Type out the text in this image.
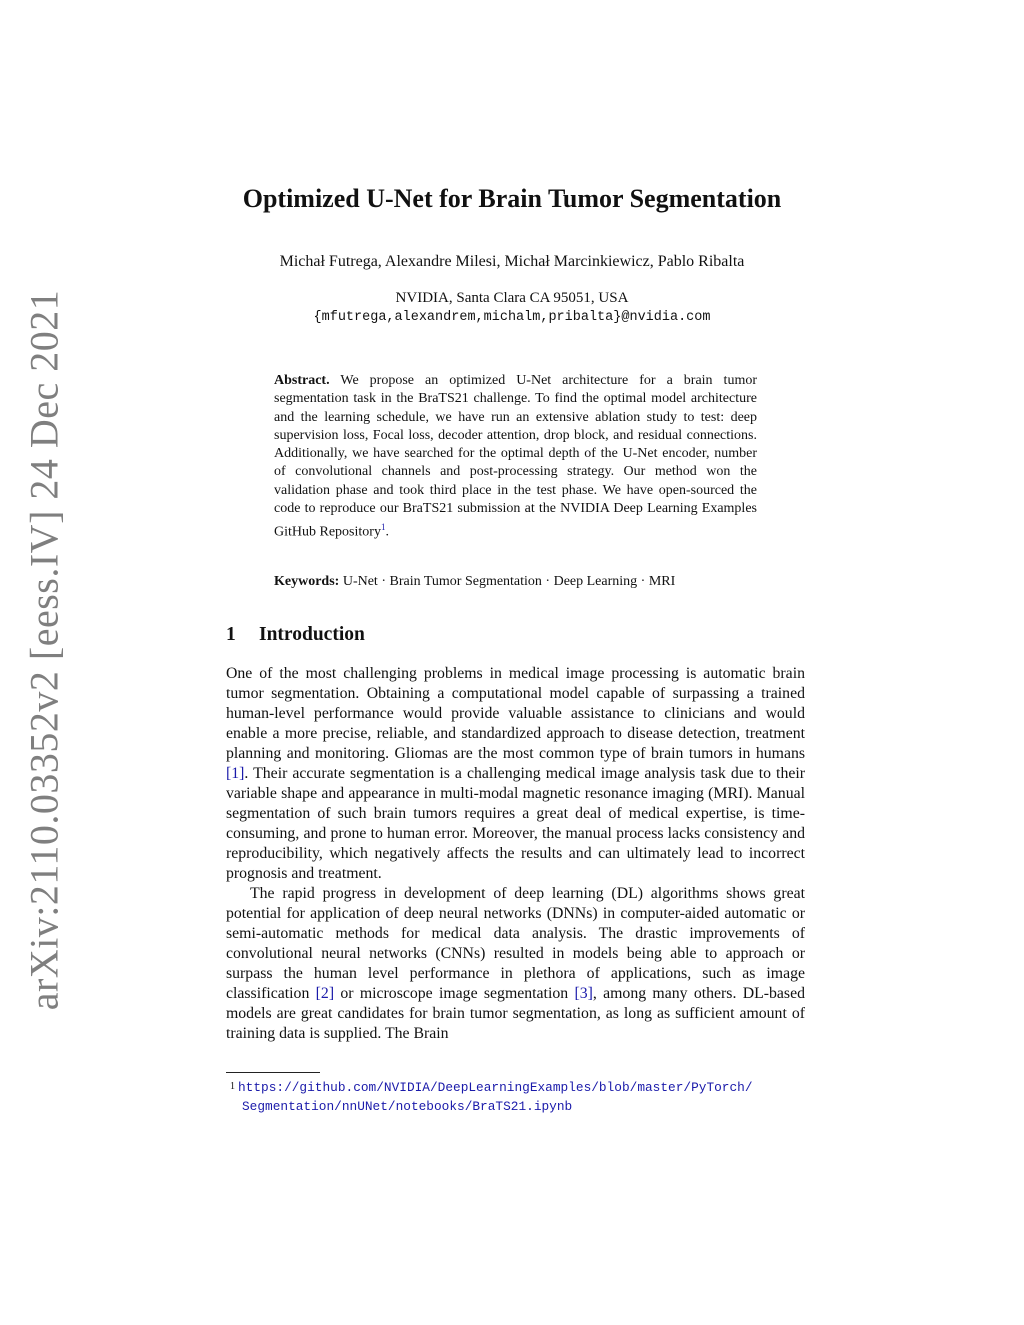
arXiv:2110.03352v2 [eess.IV] 24 Dec 2021
Optimized U-Net for Brain Tumor Segmentation
Michał Futrega, Alexandre Milesi, Michał Marcinkiewicz, Pablo Ribalta
NVIDIA, Santa Clara CA 95051, USA
{mfutrega,alexandrem,michalm,pribalta}@nvidia.com
Abstract. We propose an optimized U-Net architecture for a brain tumor segmentation task in the BraTS21 challenge. To find the optimal model architecture and the learning schedule, we have run an extensive ablation study to test: deep supervision loss, Focal loss, decoder attention, drop block, and residual connections. Additionally, we have searched for the optimal depth of the U-Net encoder, number of convolutional channels and post-processing strategy. Our method won the validation phase and took third place in the test phase. We have open-sourced the code to reproduce our BraTS21 submission at the NVIDIA Deep Learning Examples GitHub Repository$^1$.
Keywords: U-Net · Brain Tumor Segmentation · Deep Learning · MRI
1 Introduction

One of the most challenging problems in medical image processing is automatic brain tumor segmentation. Obtaining a computational model capable of surpassing a trained human-level performance would provide valuable assistance to clinicians and would enable a more precise, reliable, and standardized approach to disease detection, treatment planning and monitoring. Gliomas are the most common type of brain tumors in humans [1]. Their accurate segmentation is a challenging medical image analysis task due to their variable shape and appearance in multi-modal magnetic resonance imaging (MRI). Manual segmentation of such brain tumors requires a great deal of medical expertise, is time-consuming, and prone to human error. Moreover, the manual process lacks consistency and reproducibility, which negatively affects the results and can ultimately lead to incorrect prognosis and treatment.

The rapid progress in development of deep learning (DL) algorithms shows great potential for application of deep neural networks (DNNs) in computer-aided automatic or semi-automatic methods for medical data analysis. The drastic improvements of convolutional neural networks (CNNs) resulted in models being able to approach or surpass the human level performance in plethora of applications, such as image classification [2] or microscope image segmentation [3], among many others. DL-based models are great candidates for brain tumor segmentation, as long as sufficient amount of training data is supplied. The Brain

$^1$ https://github.com/NVIDIA/DeepLearningExamples/blob/master/PyTorch/
Segmentation/nnUNet/notebooks/BraTS21.ipynb
